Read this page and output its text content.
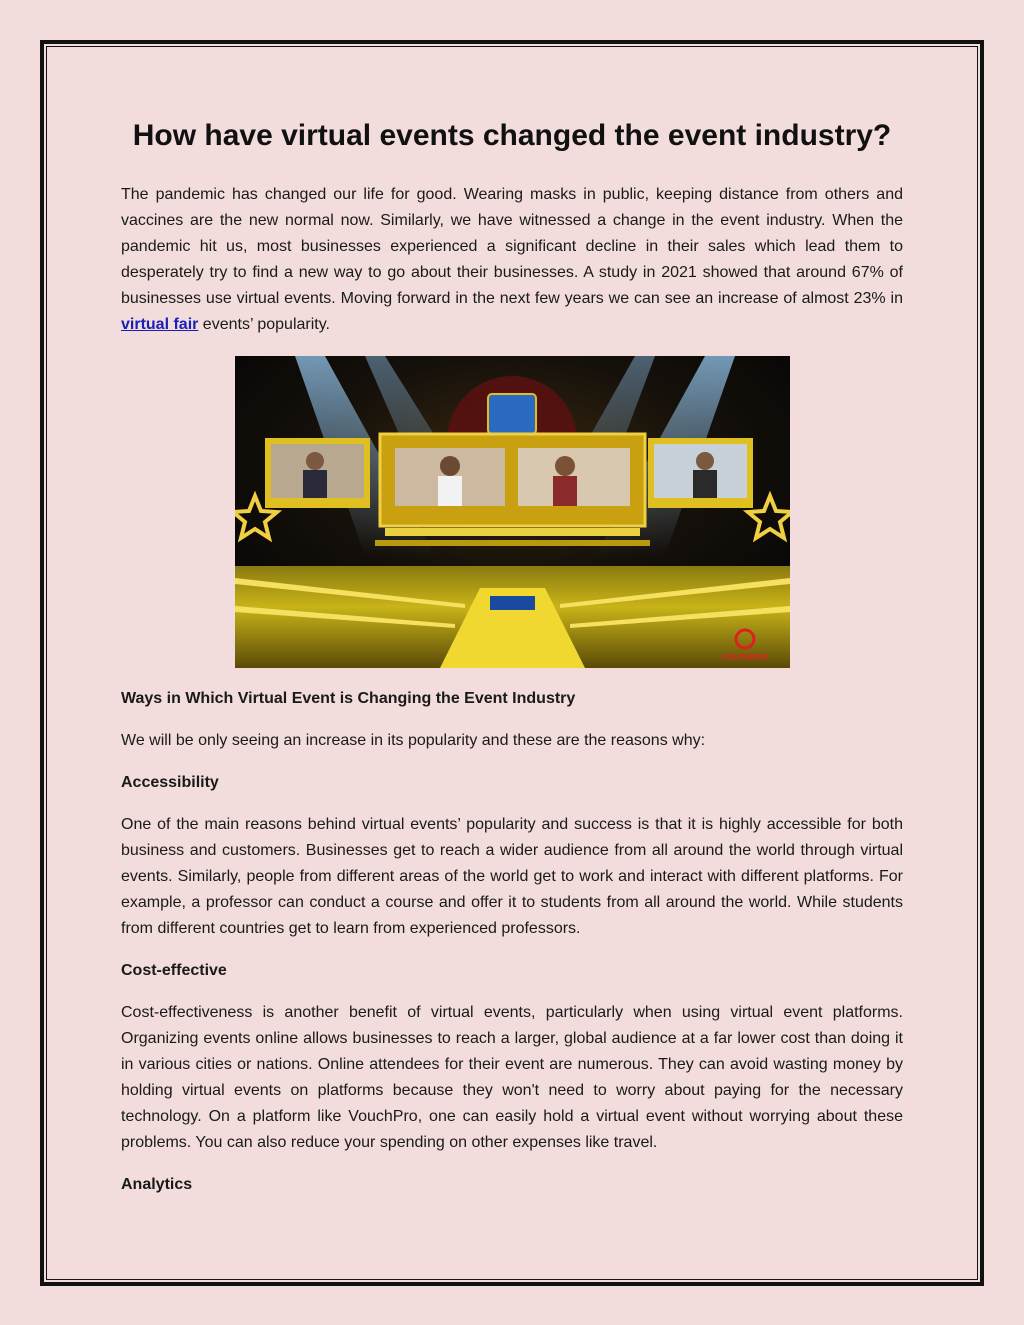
How have virtual events changed the event industry?

The pandemic has changed our life for good. Wearing masks in public, keeping distance from others and vaccines are the new normal now. Similarly, we have witnessed a change in the event industry. When the pandemic hit us, most businesses experienced a significant decline in their sales which lead them to desperately try to find a new way to go about their businesses. A study in 2021 showed that around 67% of businesses use virtual events. Moving forward in the next few years we can see an increase of almost 23% in virtual fair events’ popularity.

VOUCHPRO

Ways in Which Virtual Event is Changing the Event Industry

We will be only seeing an increase in its popularity and these are the reasons why:

Accessibility

One of the main reasons behind virtual events’ popularity and success is that it is highly accessible for both business and customers. Businesses get to reach a wider audience from all around the world through virtual events. Similarly, people from different areas of the world get to work and interact with different platforms. For example, a professor can conduct a course and offer it to students from all around the world. While students from different countries get to learn from experienced professors.

Cost-effective

Cost-effectiveness is another benefit of virtual events, particularly when using virtual event platforms. Organizing events online allows businesses to reach a larger, global audience at a far lower cost than doing it in various cities or nations. Online attendees for their event are numerous. They can avoid wasting money by holding virtual events on platforms because they won't need to worry about paying for the necessary technology. On a platform like VouchPro, one can easily hold a virtual event without worrying about these problems. You can also reduce your spending on other expenses like travel.

Analytics
